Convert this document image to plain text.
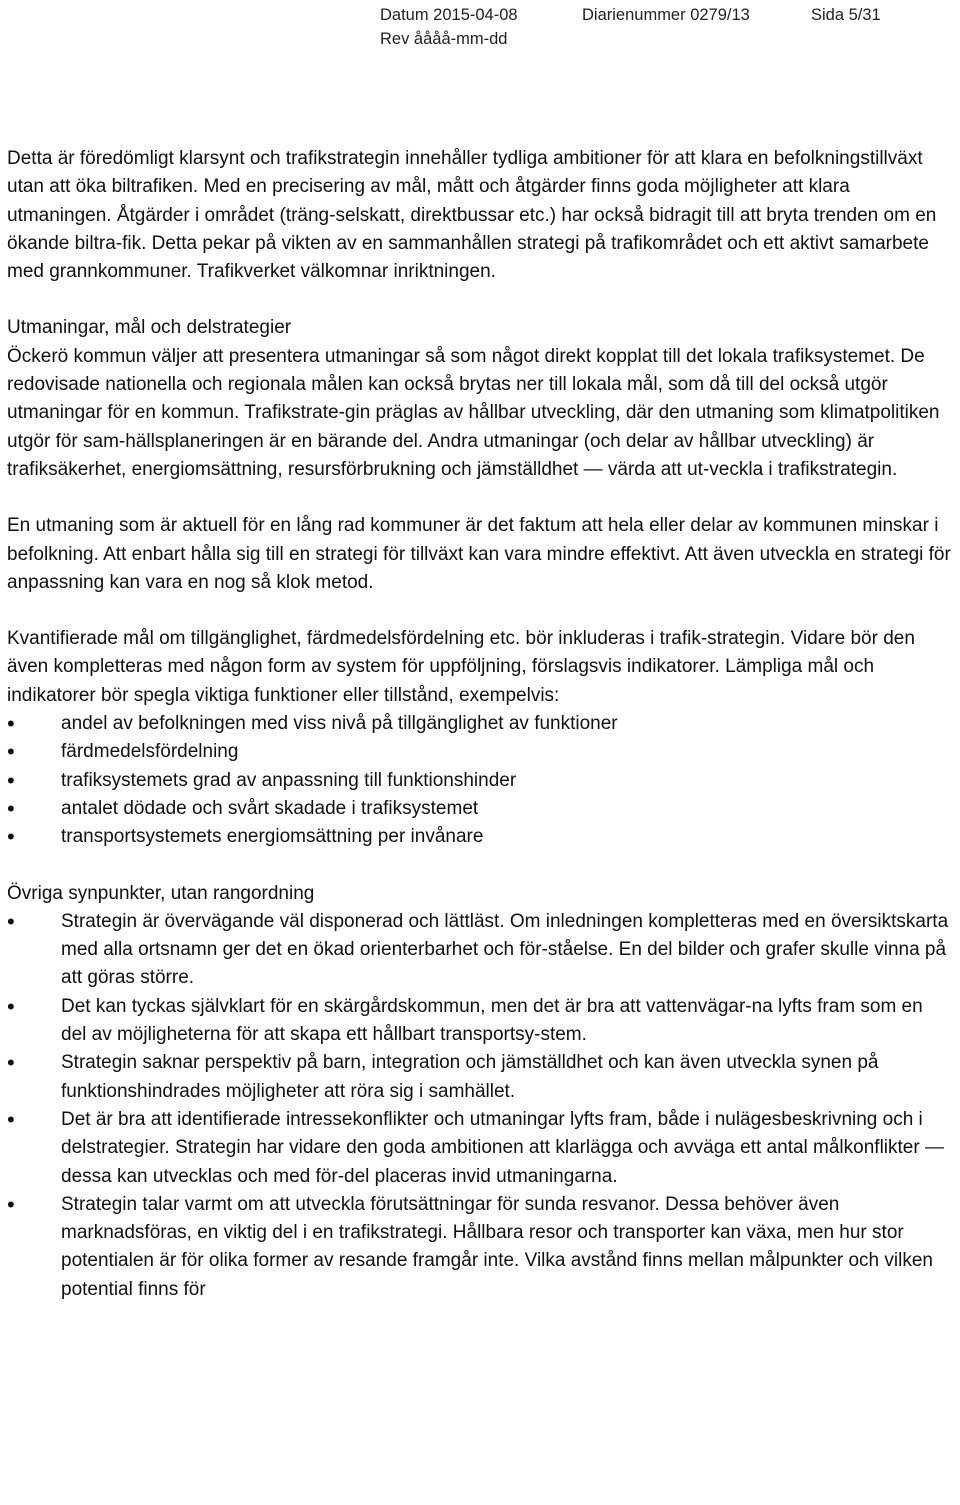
Datum 2015-04-08	Diarienummer 0279/13	Sida 5/31
Rev åååå-mm-dd

Detta är föredömligt klarsynt och trafikstrategin innehåller tydliga ambitioner för att klara en befolkningstillväxt utan att öka biltrafiken. Med en precisering av mål, mått och åtgärder finns goda möjligheter att klara utmaningen. Åtgärder i området (träng-selskatt, direktbussar etc.) har också bidragit till att bryta trenden om en ökande biltra-fik. Detta pekar på vikten av en sammanhållen strategi på trafikområdet och ett aktivt samarbete med grannkommuner. Trafikverket välkomnar inriktningen.

Utmaningar, mål och delstrategier

Öckerö kommun väljer att presentera utmaningar så som något direkt kopplat till det lokala trafiksystemet. De redovisade nationella och regionala målen kan också brytas ner till lokala mål, som då till del också utgör utmaningar för en kommun. Trafikstrate-gin präglas av hållbar utveckling, där den utmaning som klimatpolitiken utgör för sam-hällsplaneringen är en bärande del. Andra utmaningar (och delar av hållbar utveckling) är trafiksäkerhet, energiomsättning, resursförbrukning och jämställdhet — värda att ut-veckla i trafikstrategin.

En utmaning som är aktuell för en lång rad kommuner är det faktum att hela eller delar av kommunen minskar i befolkning. Att enbart hålla sig till en strategi för tillväxt kan vara mindre effektivt. Att även utveckla en strategi för anpassning kan vara en nog så klok metod.

Kvantifierade mål om tillgänglighet, färdmedelsfördelning etc. bör inkluderas i trafik-strategin. Vidare bör den även kompletteras med någon form av system för uppföljning, förslagsvis indikatorer. Lämpliga mål och indikatorer bör spegla viktiga funktioner eller tillstånd, exempelvis:

• andel av befolkningen med viss nivå på tillgänglighet av funktioner
• färdmedelsfördelning
• trafiksystemets grad av anpassning till funktionshinder
• antalet dödade och svårt skadade i trafiksystemet
• transportsystemets energiomsättning per invånare
Övriga synpunkter, utan rangordning
• Strategin är övervägande väl disponerad och lättläst. Om inledningen kompletteras med en översiktskarta med alla ortsnamn ger det en ökad orienterbarhet och för-ståelse. En del bilder och grafer skulle vinna på att göras större.
• Det kan tyckas självklart för en skärgårdskommun, men det är bra att vattenvägar-na lyfts fram som en del av möjligheterna för att skapa ett hållbart transportsy-stem.
• Strategin saknar perspektiv på barn, integration och jämställdhet och kan även utveckla synen på funktionshindrades möjligheter att röra sig i samhället.
• Det är bra att identifierade intressekonflikter och utmaningar lyfts fram, både i nulägesbeskrivning och i delstrategier. Strategin har vidare den goda ambitionen att klarlägga och avväga ett antal målkonflikter — dessa kan utvecklas och med för-del placeras invid utmaningarna.
• Strategin talar varmt om att utveckla förutsättningar för sunda resvanor. Dessa behöver även marknadsföras, en viktig del i en trafikstrategi. Hållbara resor och transporter kan växa, men hur stor potentialen är för olika former av resande framgår inte. Vilka avstånd finns mellan målpunkter och vilken potential finns för
